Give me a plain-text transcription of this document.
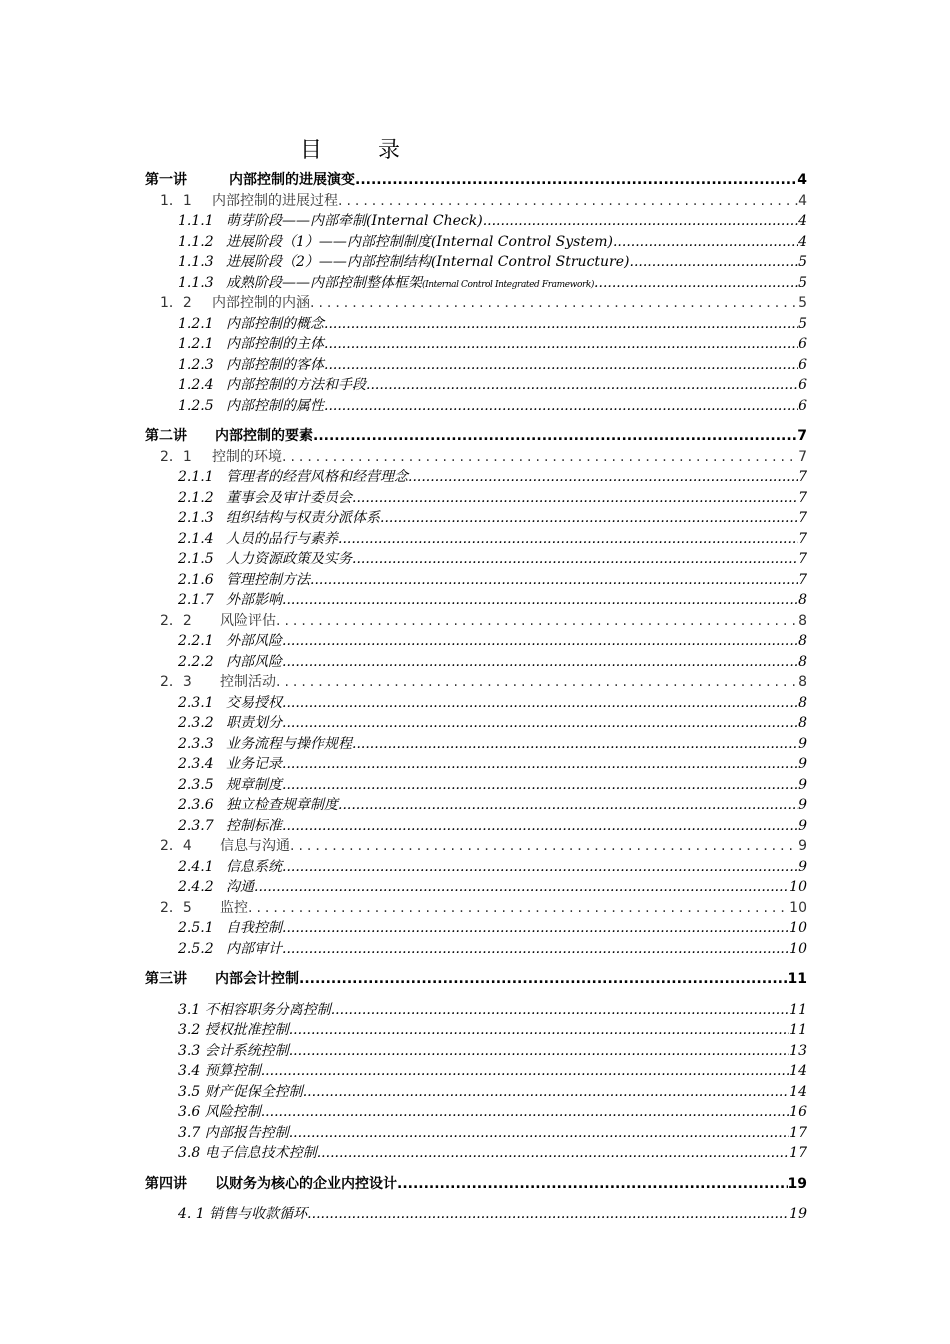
目录
第一讲	内部控制的进展演变 .....	4
1．1 内部控制的进展过程 .....	4
1.1.1 萌芽阶段——内部牵制(Internal Check) .....	4
1.1.2 进展阶段（1）——内部控制制度(Internal Control System) .....	4
1.1.3 进展阶段（2）——内部控制结构(Internal Control Structure) .....	5
1.1.3 成熟阶段——内部控制整体框架(Internal Control Integrated Framework) .....	5
1．2 内部控制的内涵 .....	5
1.2.1 内部控制的概念 .....	5
1.2.1 内部控制的主体 .....	6
1.2.3 内部控制的客体 .....	6
1.2.4 内部控制的方法和手段 .....	6
1.2.5 内部控制的属性 .....	6
第二讲 内部控制的要素 .....	7
2．1 控制的环境 .....	7
2.1.1 管理者的经营风格和经营理念 .....	7
2.1.2 董事会及审计委员会 .....	7
2.1.3 组织结构与权责分派体系 .....	7
2.1.4 人员的品行与素养 .....	7
2.1.5 人力资源政策及实务 .....	7
2.1.6 管理控制方法 .....	7
2.1.7 外部影响 .....	8
2．2 风险评估 .....	8
2.2.1 外部风险 .....	8
2.2.2 内部风险 .....	8
2．3 控制活动 .....	8
2.3.1 交易授权 .....	8
2.3.2 职责划分 .....	8
2.3.3 业务流程与操作规程 .....	9
2.3.4 业务记录 .....	9
2.3.5 规章制度 .....	9
2.3.6 独立检查规章制度 .....	9
2.3.7 控制标准 .....	9
2．4 信息与沟通 .....	9
2.4.1 信息系统 .....	9
2.4.2 沟通 .....	10
2．5 监控 .....	10
2.5.1 自我控制 .....	10
2.5.2 内部审计 .....	10
第三讲 内部会计控制 .....	11
3.1 不相容职务分离控制 .....	11
3.2 授权批准控制 .....	11
3.3 会计系统控制 .....	13
3.4 预算控制 .....	14
3.5 财产促保全控制 .....	14
3.6 风险控制 .....	16
3.7 内部报告控制 .....	17
3.8 电子信息技术控制 .....	17
第四讲 以财务为核心的企业内控设计 .....	19
4. 1 销售与收款循环 .....	19
